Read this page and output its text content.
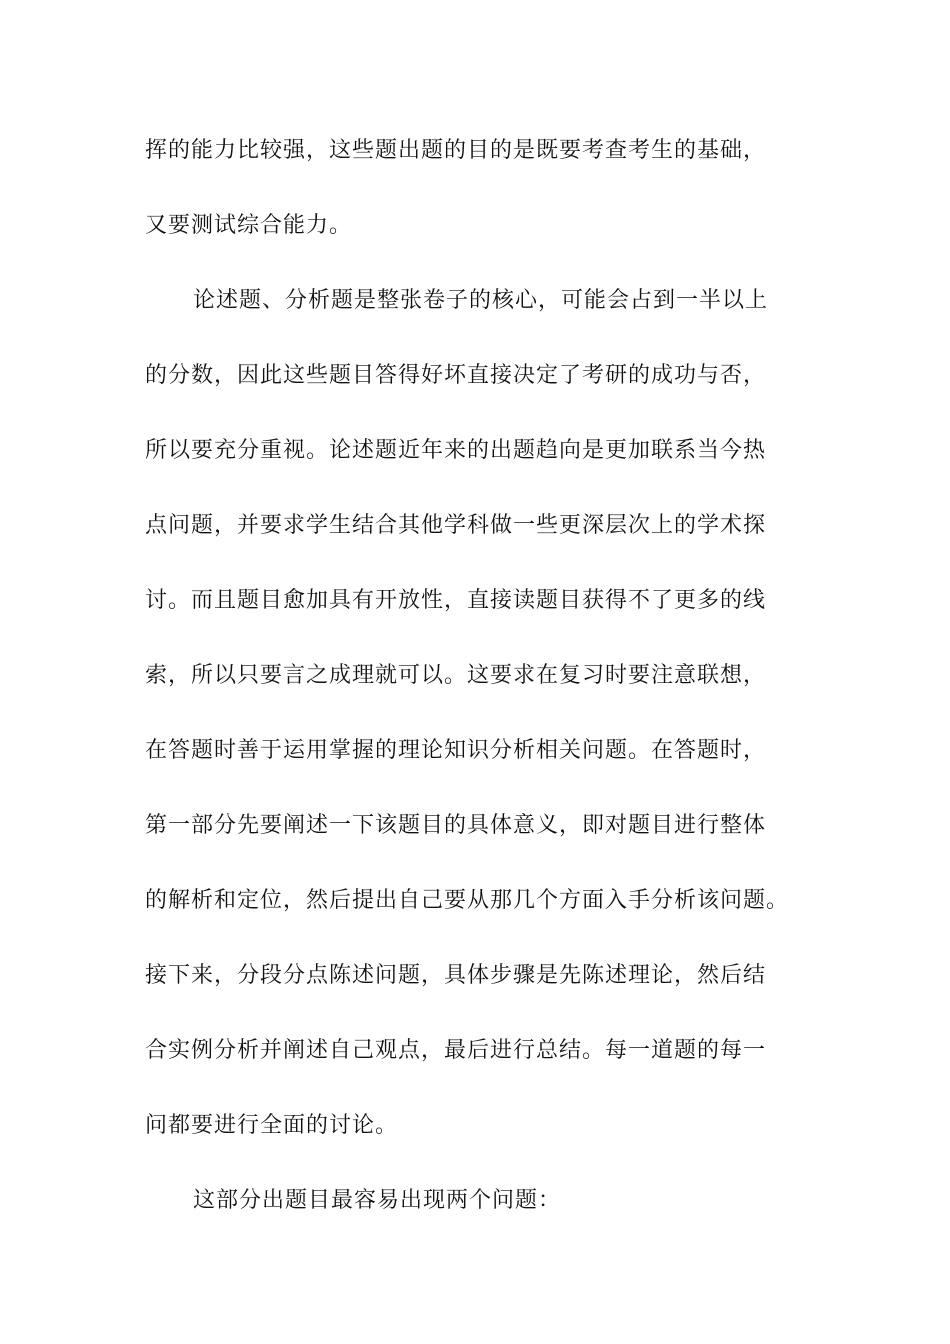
挥的能力比较强，这些题出题的目的是既要考查考生的基础，
又要测试综合能力。
论述题、分析题是整张卷子的核心，可能会占到一半以上
的分数，因此这些题目答得好坏直接决定了考研的成功与否，
所以要充分重视。论述题近年来的出题趋向是更加联系当今热
点问题，并要求学生结合其他学科做一些更深层次上的学术探
讨。而且题目愈加具有开放性，直接读题目获得不了更多的线
索，所以只要言之成理就可以。这要求在复习时要注意联想，
在答题时善于运用掌握的理论知识分析相关问题。在答题时，
第一部分先要阐述一下该题目的具体意义，即对题目进行整体
的解析和定位，然后提出自己要从那几个方面入手分析该问题。
接下来，分段分点陈述问题，具体步骤是先陈述理论，然后结
合实例分析并阐述自己观点，最后进行总结。每一道题的每一
问都要进行全面的讨论。
这部分出题目最容易出现两个问题：
